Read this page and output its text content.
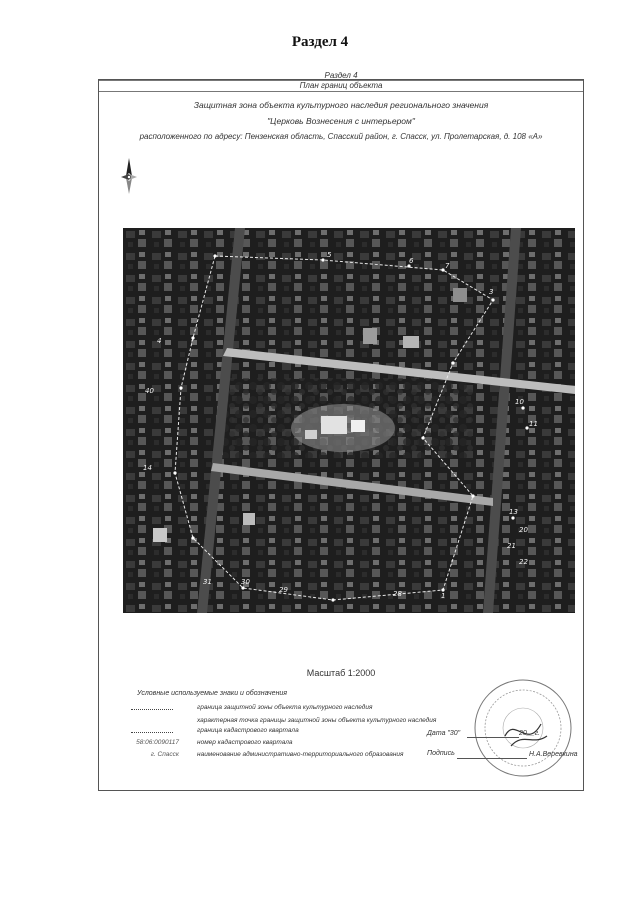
Раздел 4
Раздел 4
План границ объекта
Защитная зона объекта культурного наследия регионального значения
"Церковь Вознесения с интерьером"
расположенного по адресу: Пензенская область, Спасский район, г. Спасск, ул. Пролетарская, д. 108 «А»
5
6
7
3
4
40
10
11
14
13
20
21
22
31	30
29	28	1
Масштаб 1:2000
Условные используемые знаки и обозначения
граница защитной зоны объекта культурного наследия
характерная точка границы защитной зоны объекта культурного наследия
граница кадастрового квартала
58:06:0090117	номер кадастрового квартала
г. Спасск	наименование административно-территориального образования
Дата "30"	20__г.
Подпись	Н.А.Веревкина
